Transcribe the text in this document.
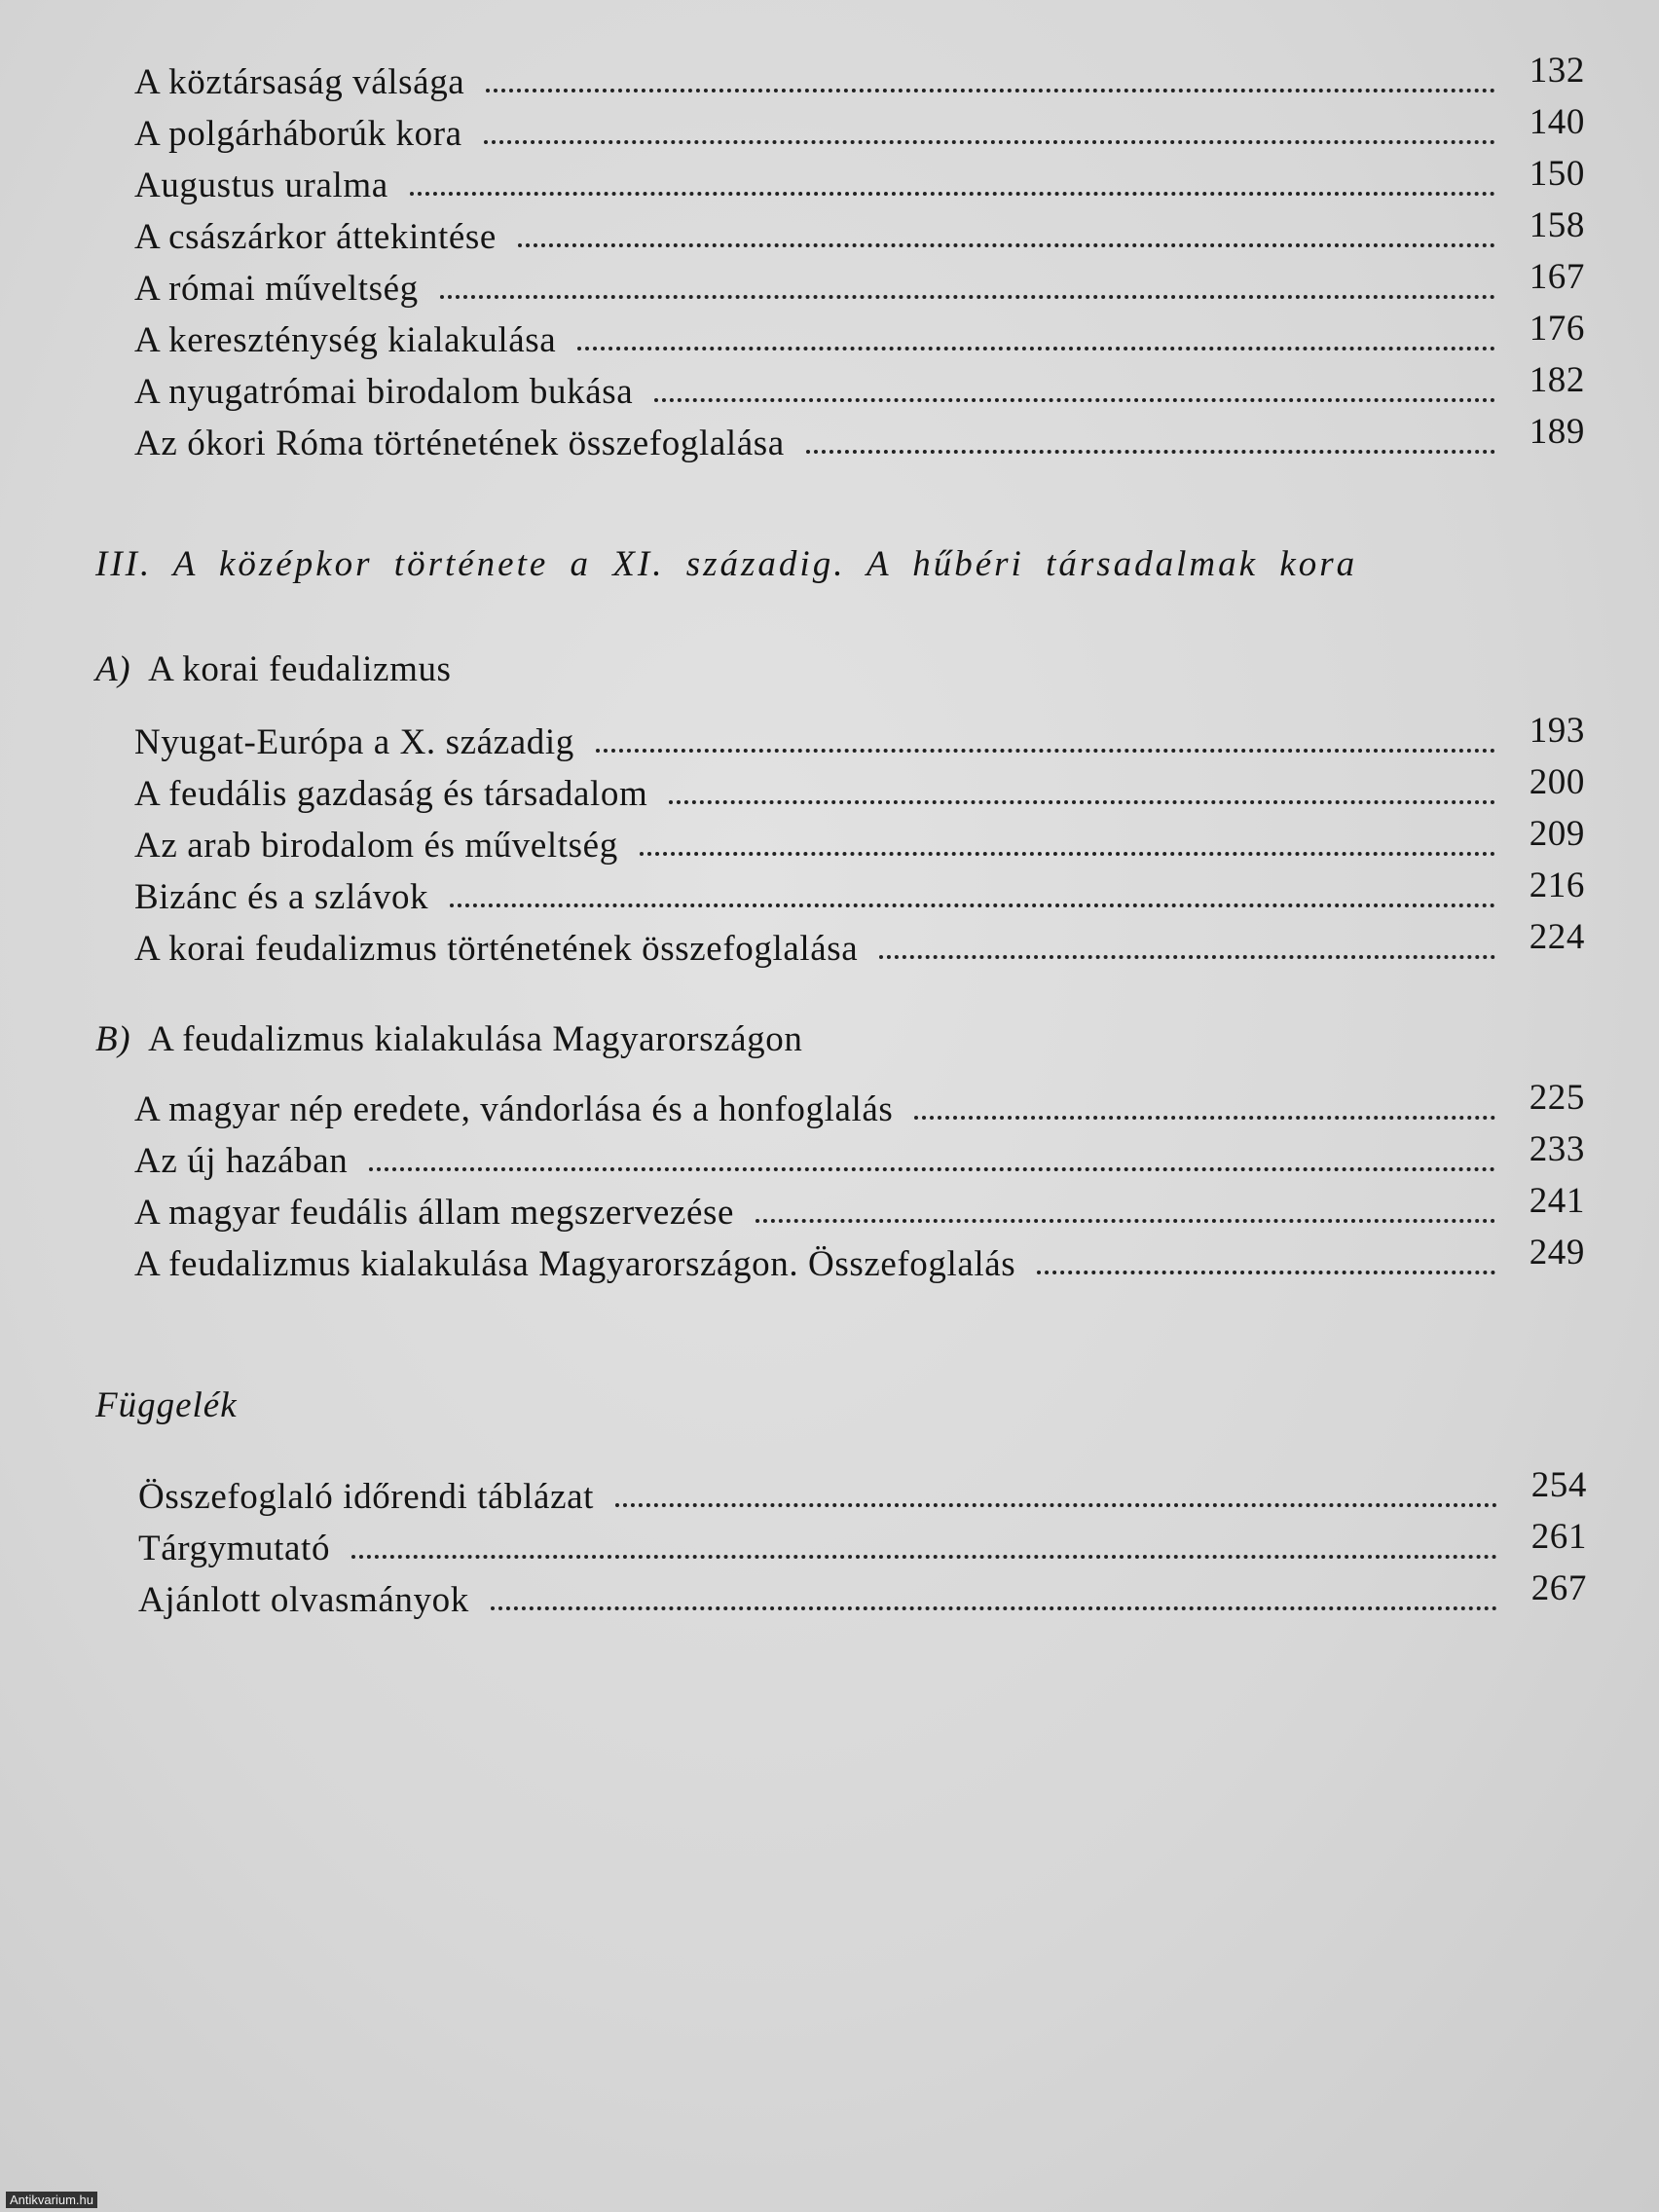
A köztársaság válsága	132
A polgárháborúk kora	140
Augustus uralma	150
A császárkor áttekintése	158
A római műveltség	167
A kereszténység kialakulása	176
A nyugatrómai birodalom bukása	182
Az ókori Róma történetének összefoglalása	189
III. A középkor története a XI. századig. A hűbéri társadalmak kora
A) A korai feudalizmus
Nyugat-Európa a X. századig	193
A feudális gazdaság és társadalom	200
Az arab birodalom és műveltség	209
Bizánc és a szlávok	216
A korai feudalizmus történetének összefoglalása	224
B) A feudalizmus kialakulása Magyarországon
A magyar nép eredete, vándorlása és a honfoglalás	225
Az új hazában	233
A magyar feudális állam megszervezése	241
A feudalizmus kialakulása Magyarországon. Összefoglalás	249
Függelék
Összefoglaló időrendi táblázat	254
Tárgymutató	261
Ajánlott olvasmányok	267
Antikvarium.hu
